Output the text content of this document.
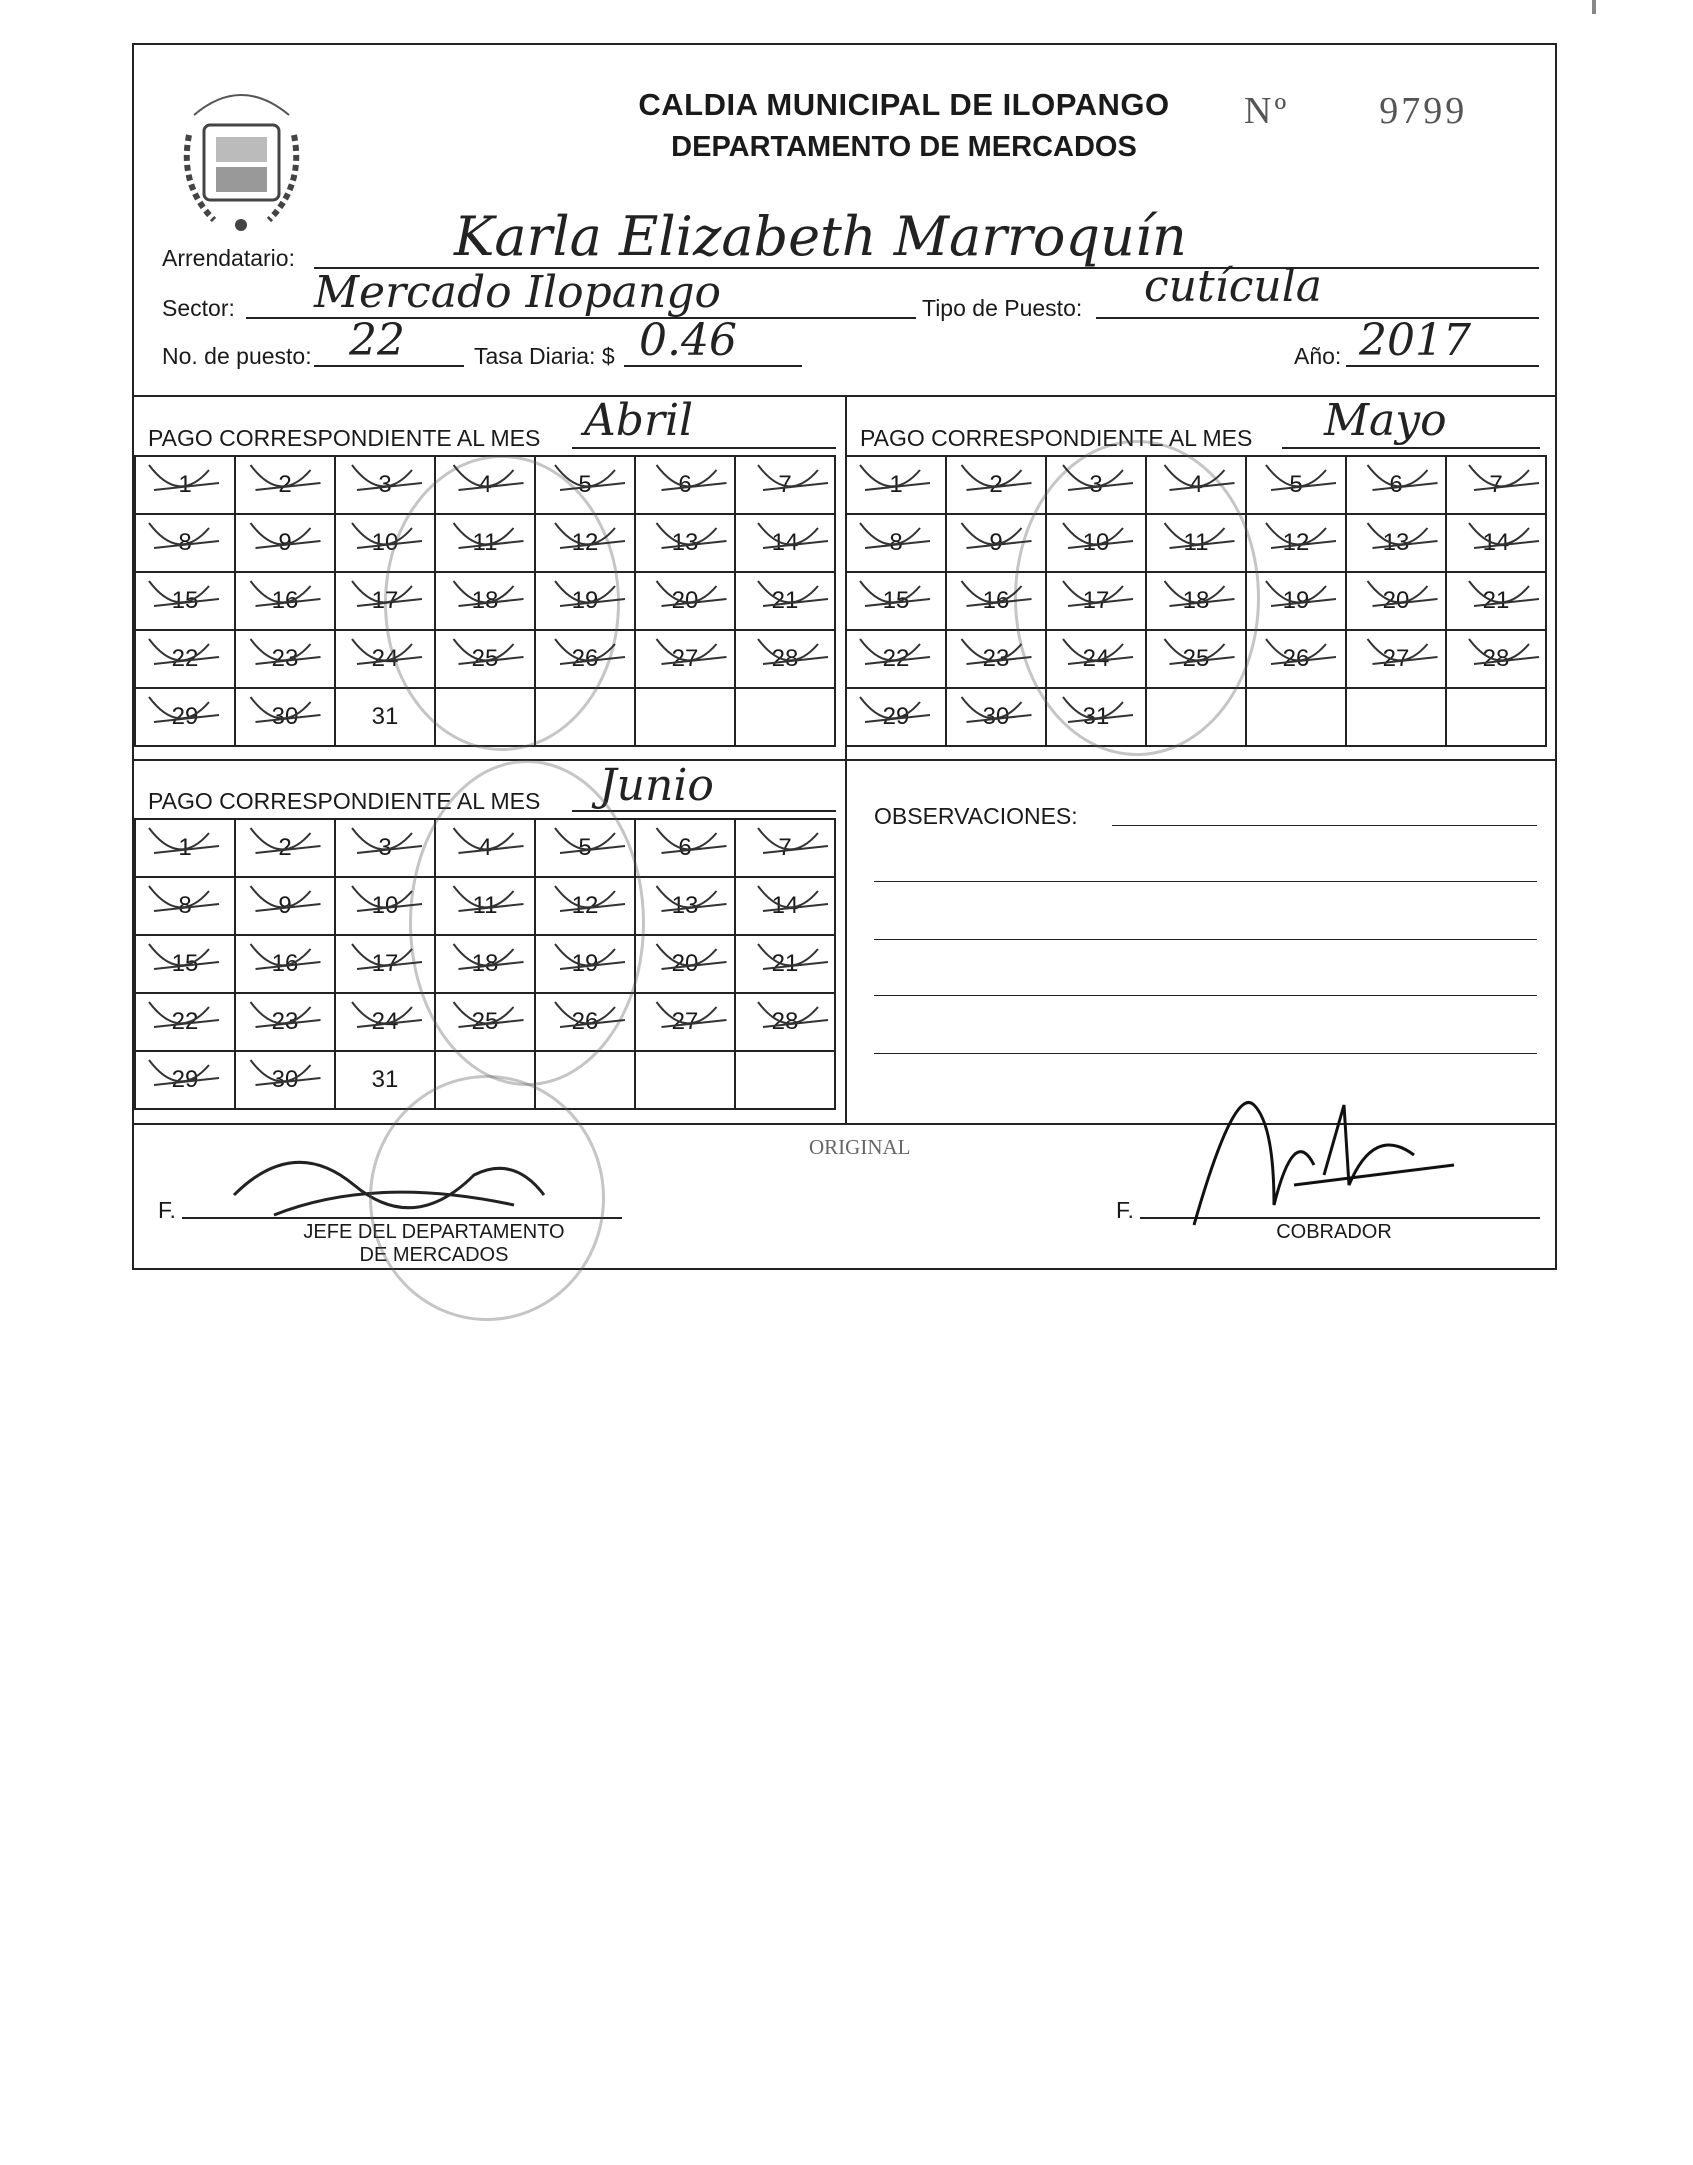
CALDIA MUNICIPAL DE ILOPANGO
DEPARTAMENTO DE MERCADOS
Nº 9799
Arrendatario:	Karla Elizabeth Marroquín
Sector: Mercado Ilopango	Tipo de Puesto: cutícula
No. de puesto: 22	Tasa Diaria: $ 0.46	Año: 2017
PAGO CORRESPONDIENTE AL MES Abril
1	2	3	4	5	6	7
8	9	10	11	12	13	14
15	16	17	18	19	20	21
22	23	24	25	26	27	28
29	30	31				
PAGO CORRESPONDIENTE AL MES Mayo
1	2	3	4	5	6	7
8	9	10	11	12	13	14
15	16	17	18	19	20	21
22	23	24	25	26	27	28
29	30	31				
PAGO CORRESPONDIENTE AL MES Junio
1	2	3	4	5	6	7
8	9	10	11	12	13	14
15	16	17	18	19	20	21
22	23	24	25	26	27	28
29	30	31				
OBSERVACIONES:
ORIGINAL
F.
JEFE DEL DEPARTAMENTO
DE MERCADOS
F.
COBRADOR
